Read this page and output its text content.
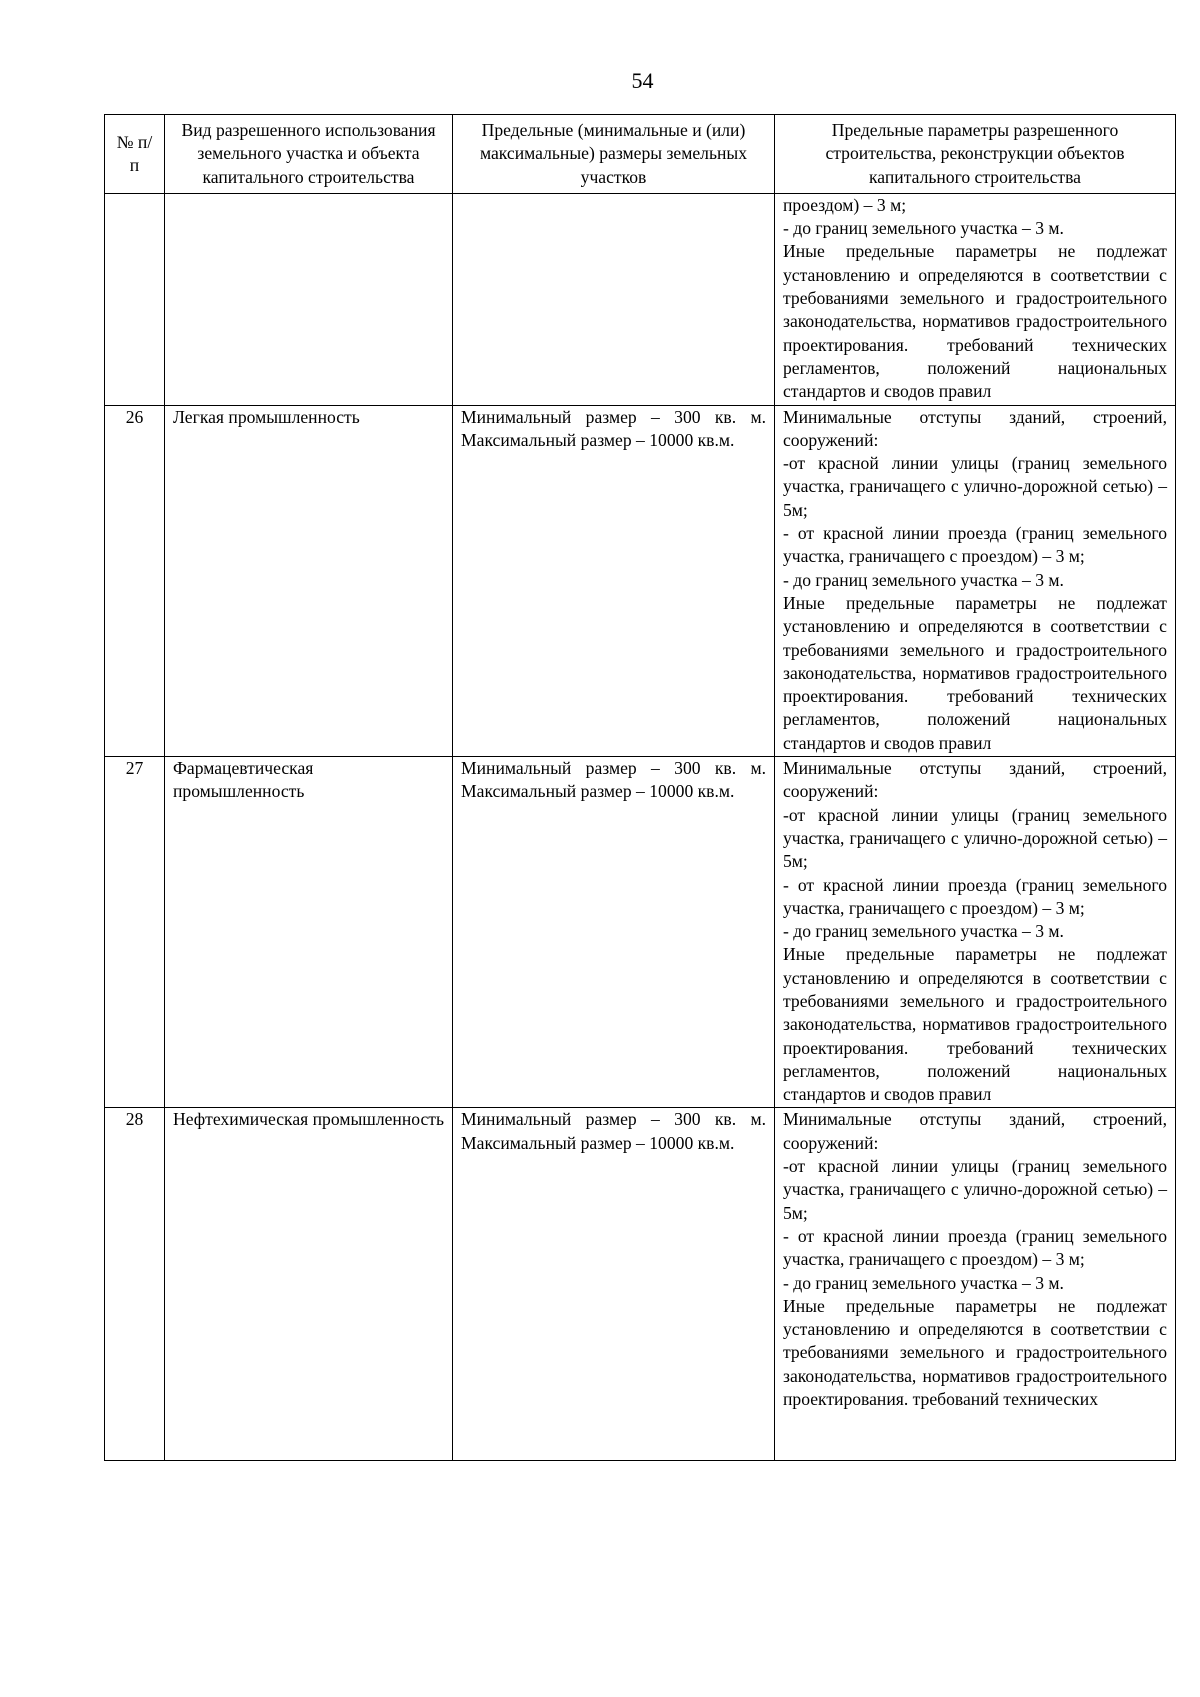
54
№ п/п	Вид разрешенного использования земельного участка и объекта капитального строительства	Предельные (минимальные и (или) максимальные) размеры земельных участков	Предельные параметры разрешенного строительства, реконструкции объектов капитального строительства

			проездом) – 3 м;
- до границ земельного участка – 3 м.
Иные предельные параметры не подлежат установлению и определяются в соответствии с требованиями земельного и градостроительного законодательства, нормативов градостроительного проектирования. требований технических регламентов, положений национальных стандартов и сводов правил

26	Легкая промышленность	Минимальный размер – 300 кв. м. Максимальный размер – 10000 кв.м.	Минимальные отступы зданий, строений, сооружений:
-от красной линии улицы (границ земельного участка, граничащего с улично-дорожной сетью) – 5м;
- от красной линии проезда (границ земельного участка, граничащего с проездом) – 3 м;
- до границ земельного участка – 3 м.
Иные предельные параметры не подлежат установлению и определяются в соответствии с требованиями земельного и градостроительного законодательства, нормативов градостроительного проектирования. требований технических регламентов, положений национальных стандартов и сводов правил

27	Фармацевтическая промышленность	Минимальный размер – 300 кв. м. Максимальный размер – 10000 кв.м.	Минимальные отступы зданий, строений, сооружений:
-от красной линии улицы (границ земельного участка, граничащего с улично-дорожной сетью) – 5м;
- от красной линии проезда (границ земельного участка, граничащего с проездом) – 3 м;
- до границ земельного участка – 3 м.
Иные предельные параметры не подлежат установлению и определяются в соответствии с требованиями земельного и градостроительного законодательства, нормативов градостроительного проектирования. требований технических регламентов, положений национальных стандартов и сводов правил

28	Нефтехимическая промышленность	Минимальный размер – 300 кв. м. Максимальный размер – 10000 кв.м.	Минимальные отступы зданий, строений, сооружений:
-от красной линии улицы (границ земельного участка, граничащего с улично-дорожной сетью) – 5м;
- от красной линии проезда (границ земельного участка, граничащего с проездом) – 3 м;
- до границ земельного участка – 3 м.
Иные предельные параметры не подлежат установлению и определяются в соответствии с требованиями земельного и градостроительного законодательства, нормативов градостроительного проектирования. требований технических
